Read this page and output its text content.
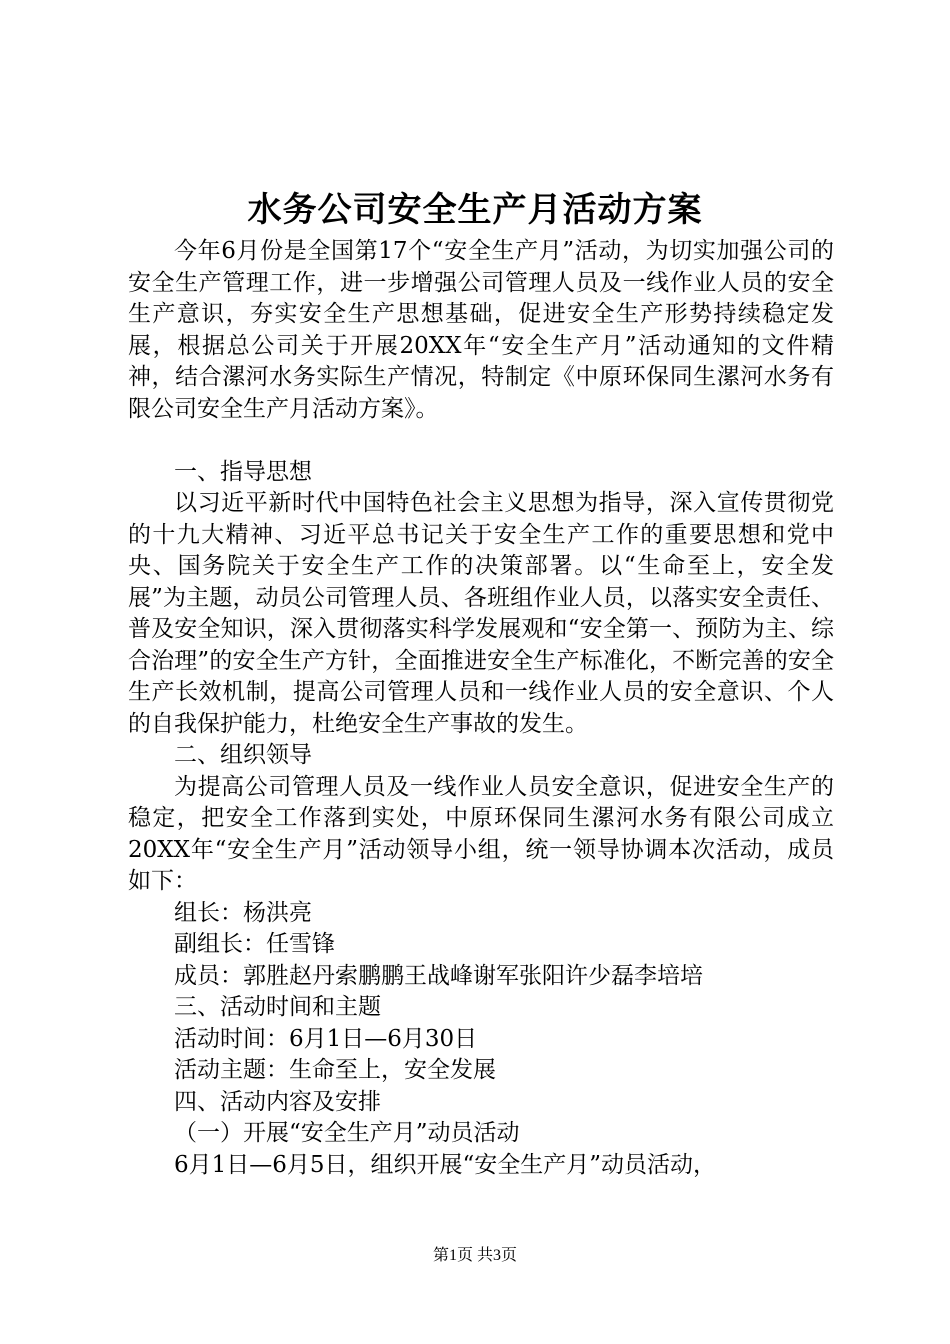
水务公司安全生产月活动方案

今年6月份是全国第17个“安全生产月”活动，为切实加强公司的安全生产管理工作，进一步增强公司管理人员及一线作业人员的安全生产意识，夯实安全生产思想基础，促进安全生产形势持续稳定发展，根据总公司关于开展20XX年“安全生产月”活动通知的文件精神，结合漯河水务实际生产情况，特制定《中原环保同生漯河水务有限公司安全生产月活动方案》。

一、指导思想

以习近平新时代中国特色社会主义思想为指导，深入宣传贯彻党的十九大精神、习近平总书记关于安全生产工作的重要思想和党中央、国务院关于安全生产工作的决策部署。以“生命至上，安全发展”为主题，动员公司管理人员、各班组作业人员，以落实安全责任、普及安全知识，深入贯彻落实科学发展观和“安全第一、预防为主、综合治理”的安全生产方针，全面推进安全生产标准化，不断完善的安全生产长效机制，提高公司管理人员和一线作业人员的安全意识、个人的自我保护能力，杜绝安全生产事故的发生。

二、组织领导

为提高公司管理人员及一线作业人员安全意识，促进安全生产的稳定，把安全工作落到实处，中原环保同生漯河水务有限公司成立20XX年“安全生产月”活动领导小组，统一领导协调本次活动，成员如下：

组长：杨洪亮

副组长：任雪锋

成员：郭胜赵丹索鹏鹏王战峰谢军张阳许少磊李培培

三、活动时间和主题

活动时间：6月1日—6月30日

活动主题：生命至上，安全发展

四、活动内容及安排

（一）开展“安全生产月”动员活动

6月1日—6月5日，组织开展“安全生产月”动员活动，

第1页 共3页
